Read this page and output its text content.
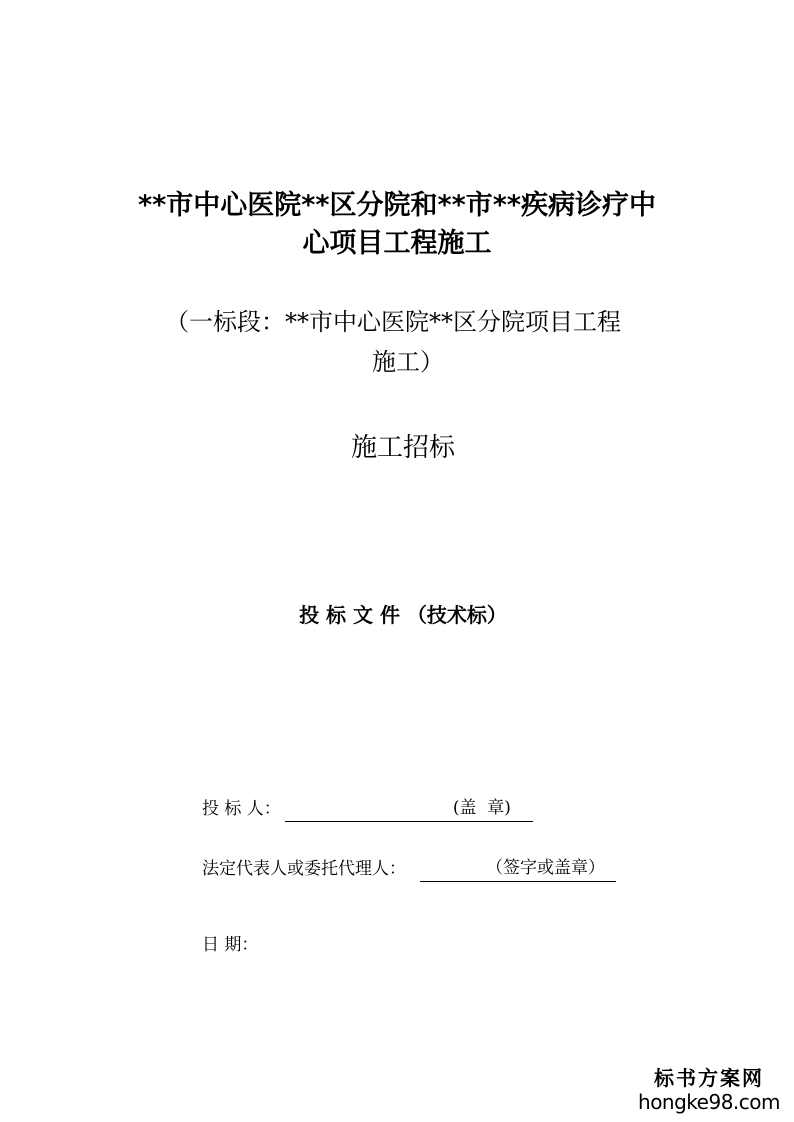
**市中心医院**区分院和**市**疾病诊疗中
心项目工程施工
（一标段：**市中心医院**区分院项目工程
施工）
施工招标
投 标 文 件 （技术标）
投 标 人：	(盖  章)
法定代表人或委托代理人：	（签字或盖章）
日 期：
标书方案网
hongke98.com
